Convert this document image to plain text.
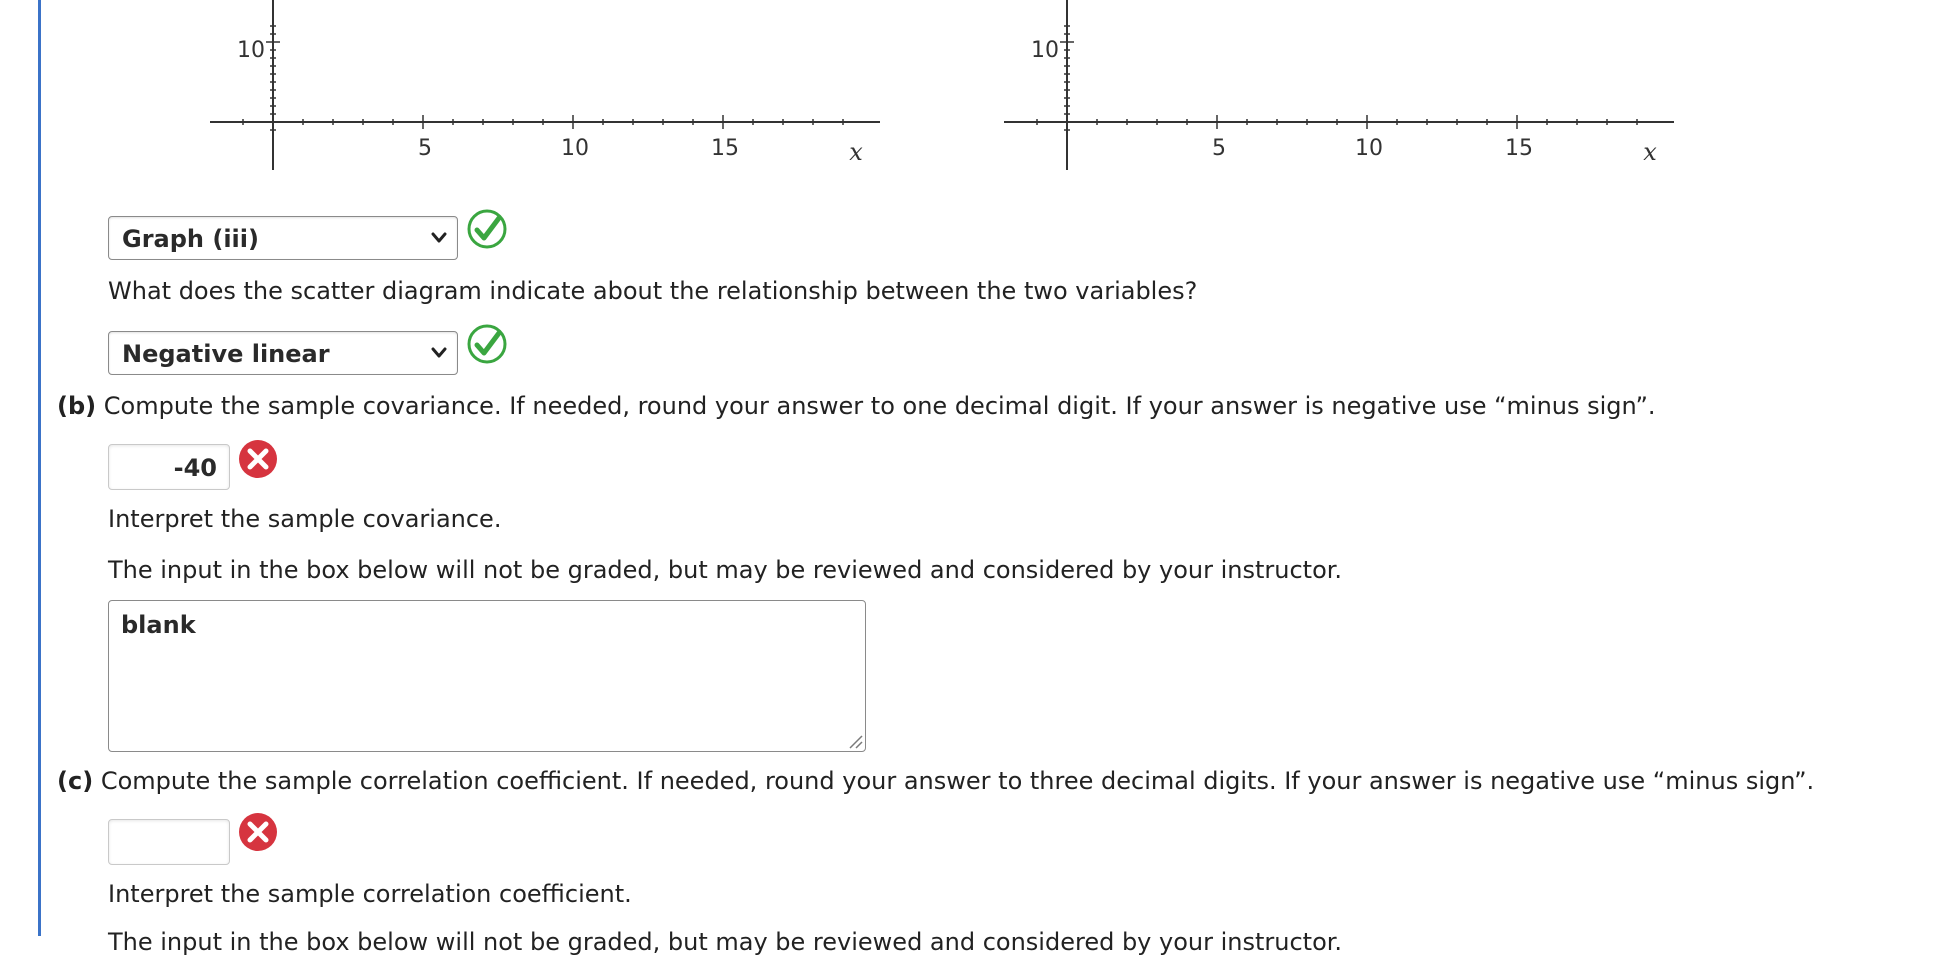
10
5	10	15	x
10
5	10	15	x
Graph (iii)
What does the scatter diagram indicate about the relationship between the two variables?
Negative linear
(b) Compute the sample covariance. If needed, round your answer to one decimal digit. If your answer is negative use “minus sign”.
-40
Interpret the sample covariance.
The input in the box below will not be graded, but may be reviewed and considered by your instructor.
blank
(c) Compute the sample correlation coefficient. If needed, round your answer to three decimal digits. If your answer is negative use “minus sign”.
Interpret the sample correlation coefficient.
The input in the box below will not be graded, but may be reviewed and considered by your instructor.
